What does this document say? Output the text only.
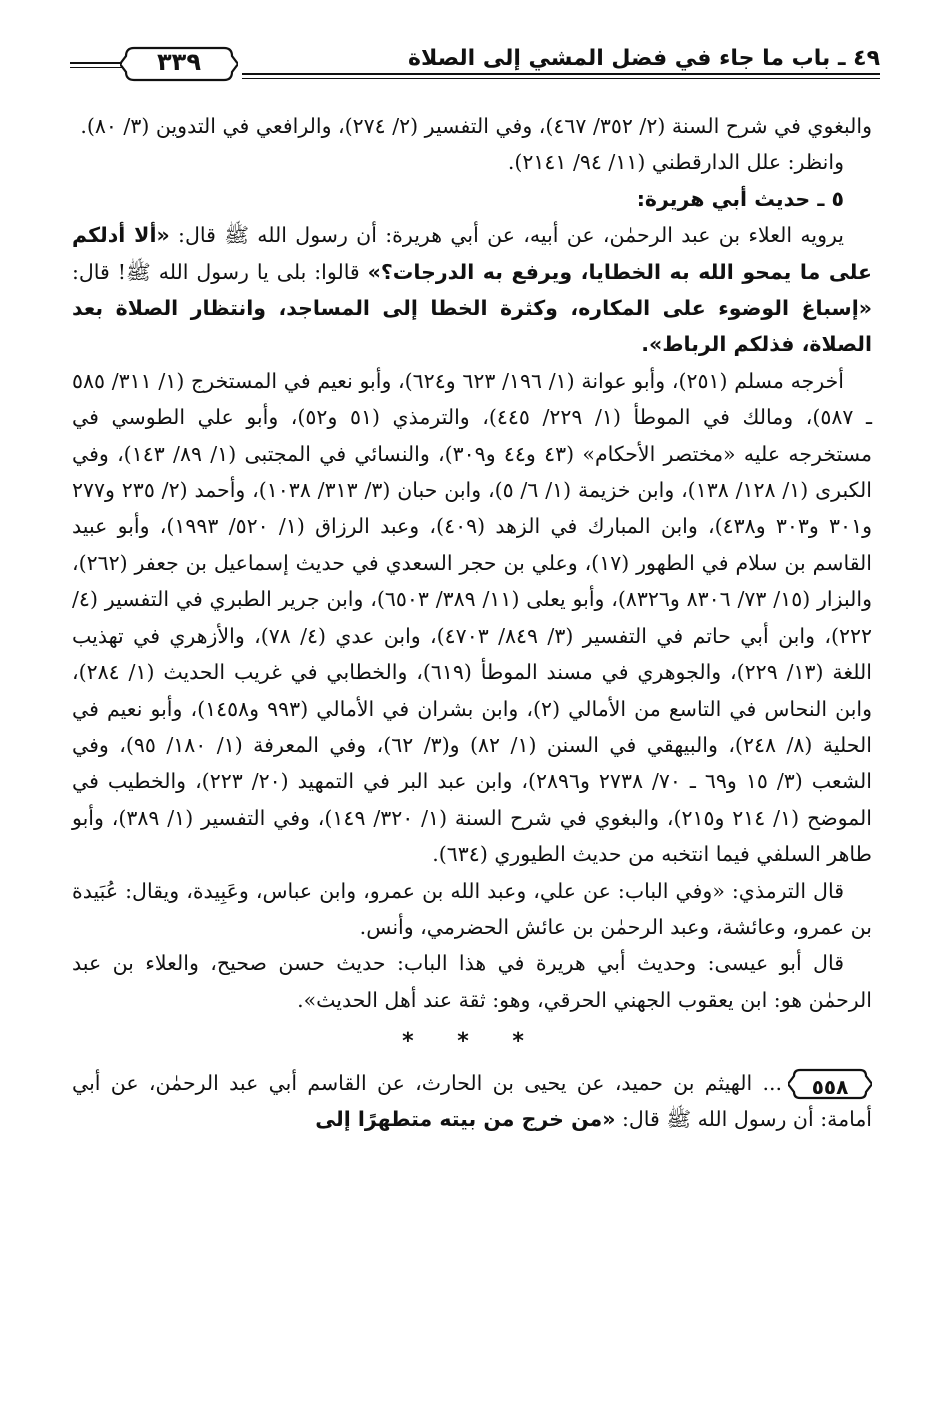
٤٩ ـ باب ما جاء في فضل المشي إلى الصلاة
٣٣٩

والبغوي في شرح السنة (٢/ ٣٥٢/ ٤٦٧)، وفي التفسير (٢/ ٢٧٤)، والرافعي في التدوين (٣/ ٨٠).

وانظر: علل الدارقطني (١١/ ٩٤/ ٢١٤١).

٥ ـ حديث أبي هريرة:

يرويه العلاء بن عبد الرحمٰن، عن أبيه، عن أبي هريرة: أن رسول الله ﷺ قال: «ألا أدلكم على ما يمحو الله به الخطايا، ويرفع به الدرجات؟» قالوا: بلى يا رسول الله ﷺ! قال: «إسباغ الوضوء على المكاره، وكثرة الخطا إلى المساجد، وانتظار الصلاة بعد الصلاة، فذلكم الرباط».

أخرجه مسلم (٢٥١)، وأبو عوانة (١/ ١٩٦/ ٦٢٣ و٦٢٤)، وأبو نعيم في المستخرج (١/ ٣١١/ ٥٨٥ ـ ٥٨٧)، ومالك في الموطأ (١/ ٢٢٩/ ٤٤٥)، والترمذي (٥١ و٥٢)، وأبو علي الطوسي في مستخرجه عليه «مختصر الأحكام» (٤٣ و٤٤ و٣٠٩)، والنسائي في المجتبى (١/ ٨٩/ ١٤٣)، وفي الكبرى (١/ ١٢٨/ ١٣٨)، وابن خزيمة (١/ ٦/ ٥)، وابن حبان (٣/ ٣١٣/ ١٠٣٨)، وأحمد (٢/ ٢٣٥ و٢٧٧ و٣٠١ و٣٠٣ و٤٣٨)، وابن المبارك في الزهد (٤٠٩)، وعبد الرزاق (١/ ٥٢٠/ ١٩٩٣)، وأبو عبيد القاسم بن سلام في الطهور (١٧)، وعلي بن حجر السعدي في حديث إسماعيل بن جعفر (٢٦٢)، والبزار (١٥/ ٧٣/ ٨٣٠٦ و٨٣٢٦)، وأبو يعلى (١١/ ٣٨٩/ ٦٥٠٣)، وابن جرير الطبري في التفسير (٤/ ٢٢٢)، وابن أبي حاتم في التفسير (٣/ ٨٤٩/ ٤٧٠٣)، وابن عدي (٤/ ٧٨)، والأزهري في تهذيب اللغة (١٣/ ٢٢٩)، والجوهري في مسند الموطأ (٦١٩)، والخطابي في غريب الحديث (١/ ٢٨٤)، وابن النحاس في التاسع من الأمالي (٢)، وابن بشران في الأمالي (٩٩٣ و١٤٥٨)، وأبو نعيم في الحلية (٨/ ٢٤٨)، والبيهقي في السنن (١/ ٨٢) و(٣/ ٦٢)، وفي المعرفة (١/ ١٨٠/ ٩٥)، وفي الشعب (٣/ ١٥ و٦٩ ـ ٧٠/ ٢٧٣٨ و٢٨٩٦)، وابن عبد البر في التمهيد (٢٠/ ٢٢٣)، والخطيب في الموضح (١/ ٢١٤ و٢١٥)، والبغوي في شرح السنة (١/ ٣٢٠/ ١٤٩)، وفي التفسير (١/ ٣٨٩)، وأبو طاهر السلفي فيما انتخبه من حديث الطيوري (٦٣٤).

قال الترمذي: «وفي الباب: عن علي، وعبد الله بن عمرو، وابن عباس، وعَبِيدة، ويقال: عُبَيدة بن عمرو، وعائشة، وعبد الرحمٰن بن عائش الحضرمي، وأنس.

قال أبو عيسى: وحديث أبي هريرة في هذا الباب: حديث حسن صحيح، والعلاء بن عبد الرحمٰن هو: ابن يعقوب الجهني الحرقي، وهو: ثقة عند أهل الحديث».

* * *

٥٥٨
... الهيثم بن حميد، عن يحيى بن الحارث، عن القاسم أبي عبد الرحمٰن، عن أبي أمامة: أن رسول الله ﷺ قال: «من خرج من بيته متطهرًا إلى
